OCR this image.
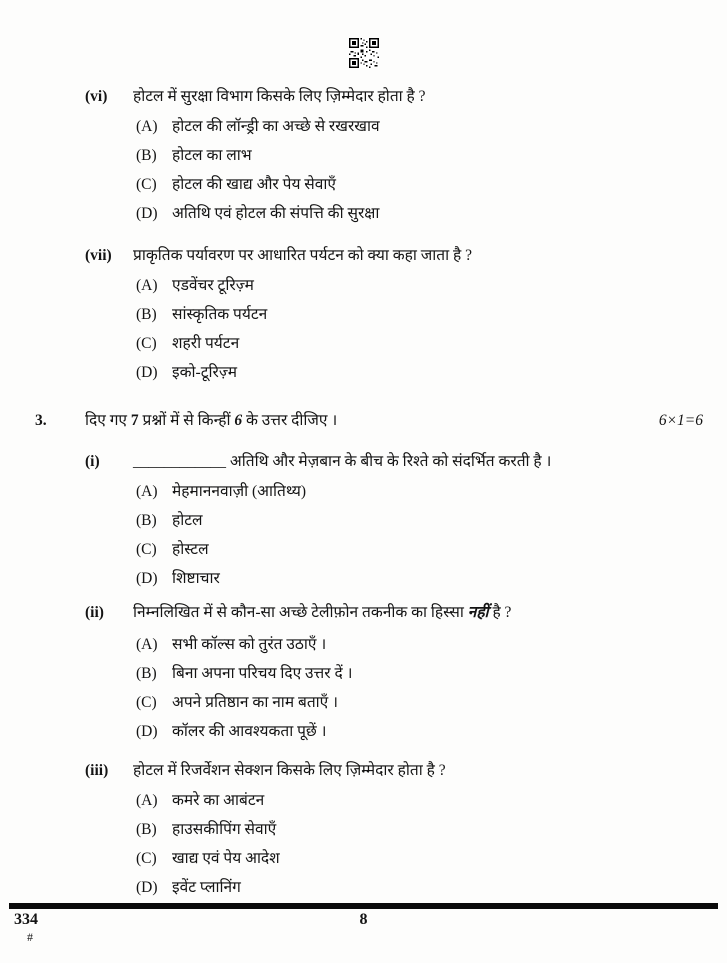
(vi) होटल में सुरक्षा विभाग किसके लिए ज़िम्मेदार होता है ?
(A) होटल की लॉन्ड्री का अच्छे से रखरखाव
(B) होटल का लाभ
(C) होटल की खाद्य और पेय सेवाएँ
(D) अतिथि एवं होटल की संपत्ति की सुरक्षा
(vii) प्राकृतिक पर्यावरण पर आधारित पर्यटन को क्या कहा जाता है ?
(A) एडवेंचर टूरिज़्म
(B) सांस्कृतिक पर्यटन
(C) शहरी पर्यटन
(D) इको-टूरिज़्म
3. दिए गए 7 प्रश्नों में से किन्हीं 6 के उत्तर दीजिए ।	6×1=6
(i) ____________ अतिथि और मेज़बान के बीच के रिश्ते को संदर्भित करती है ।
(A) मेहमाननवाज़ी (आतिथ्य)
(B) होटल
(C) होस्टल
(D) शिष्टाचार
(ii) निम्नलिखित में से कौन-सा अच्छे टेलीफ़ोन तकनीक का हिस्सा नहीं है ?
(A) सभी कॉल्स को तुरंत उठाएँ ।
(B) बिना अपना परिचय दिए उत्तर दें ।
(C) अपने प्रतिष्ठान का नाम बताएँ ।
(D) कॉलर की आवश्यकता पूछें ।
(iii) होटल में रिजर्वेशन सेक्शन किसके लिए ज़िम्मेदार होता है ?
(A) कमरे का आबंटन
(B) हाउसकीपिंग सेवाएँ
(C) खाद्य एवं पेय आदेश
(D) इवेंट प्लानिंग
334
#
8
